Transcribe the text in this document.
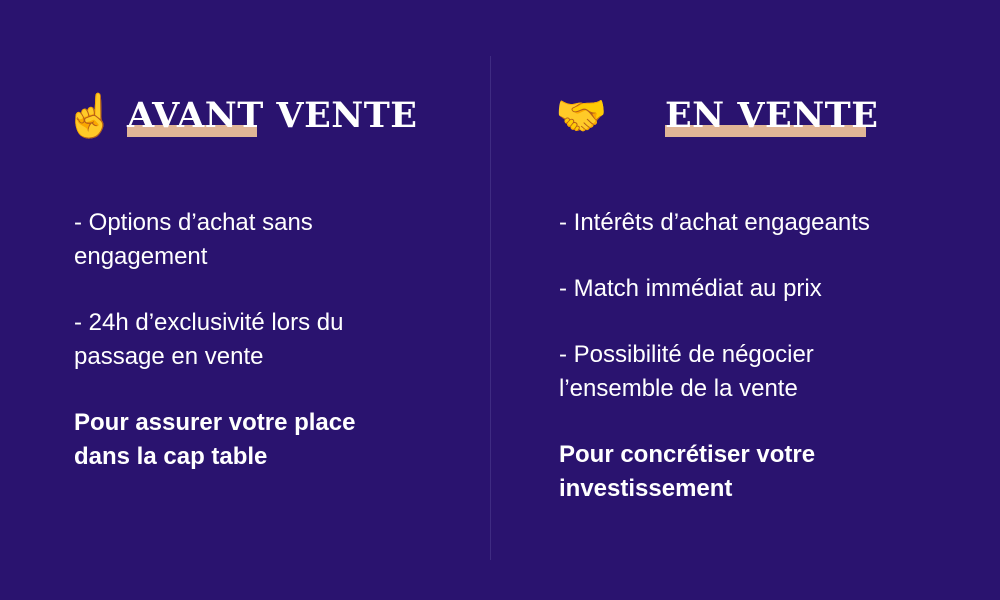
☝️ AVANT VENTE

- Options d’achat sans
engagement

- 24h d’exclusivité lors du
passage en vente

Pour assurer votre place
dans la cap table

🤝 EN VENTE

- Intérêts d’achat engageants

- Match immédiat au prix

- Possibilité de négocier
l’ensemble de la vente

Pour concrétiser votre
investissement
